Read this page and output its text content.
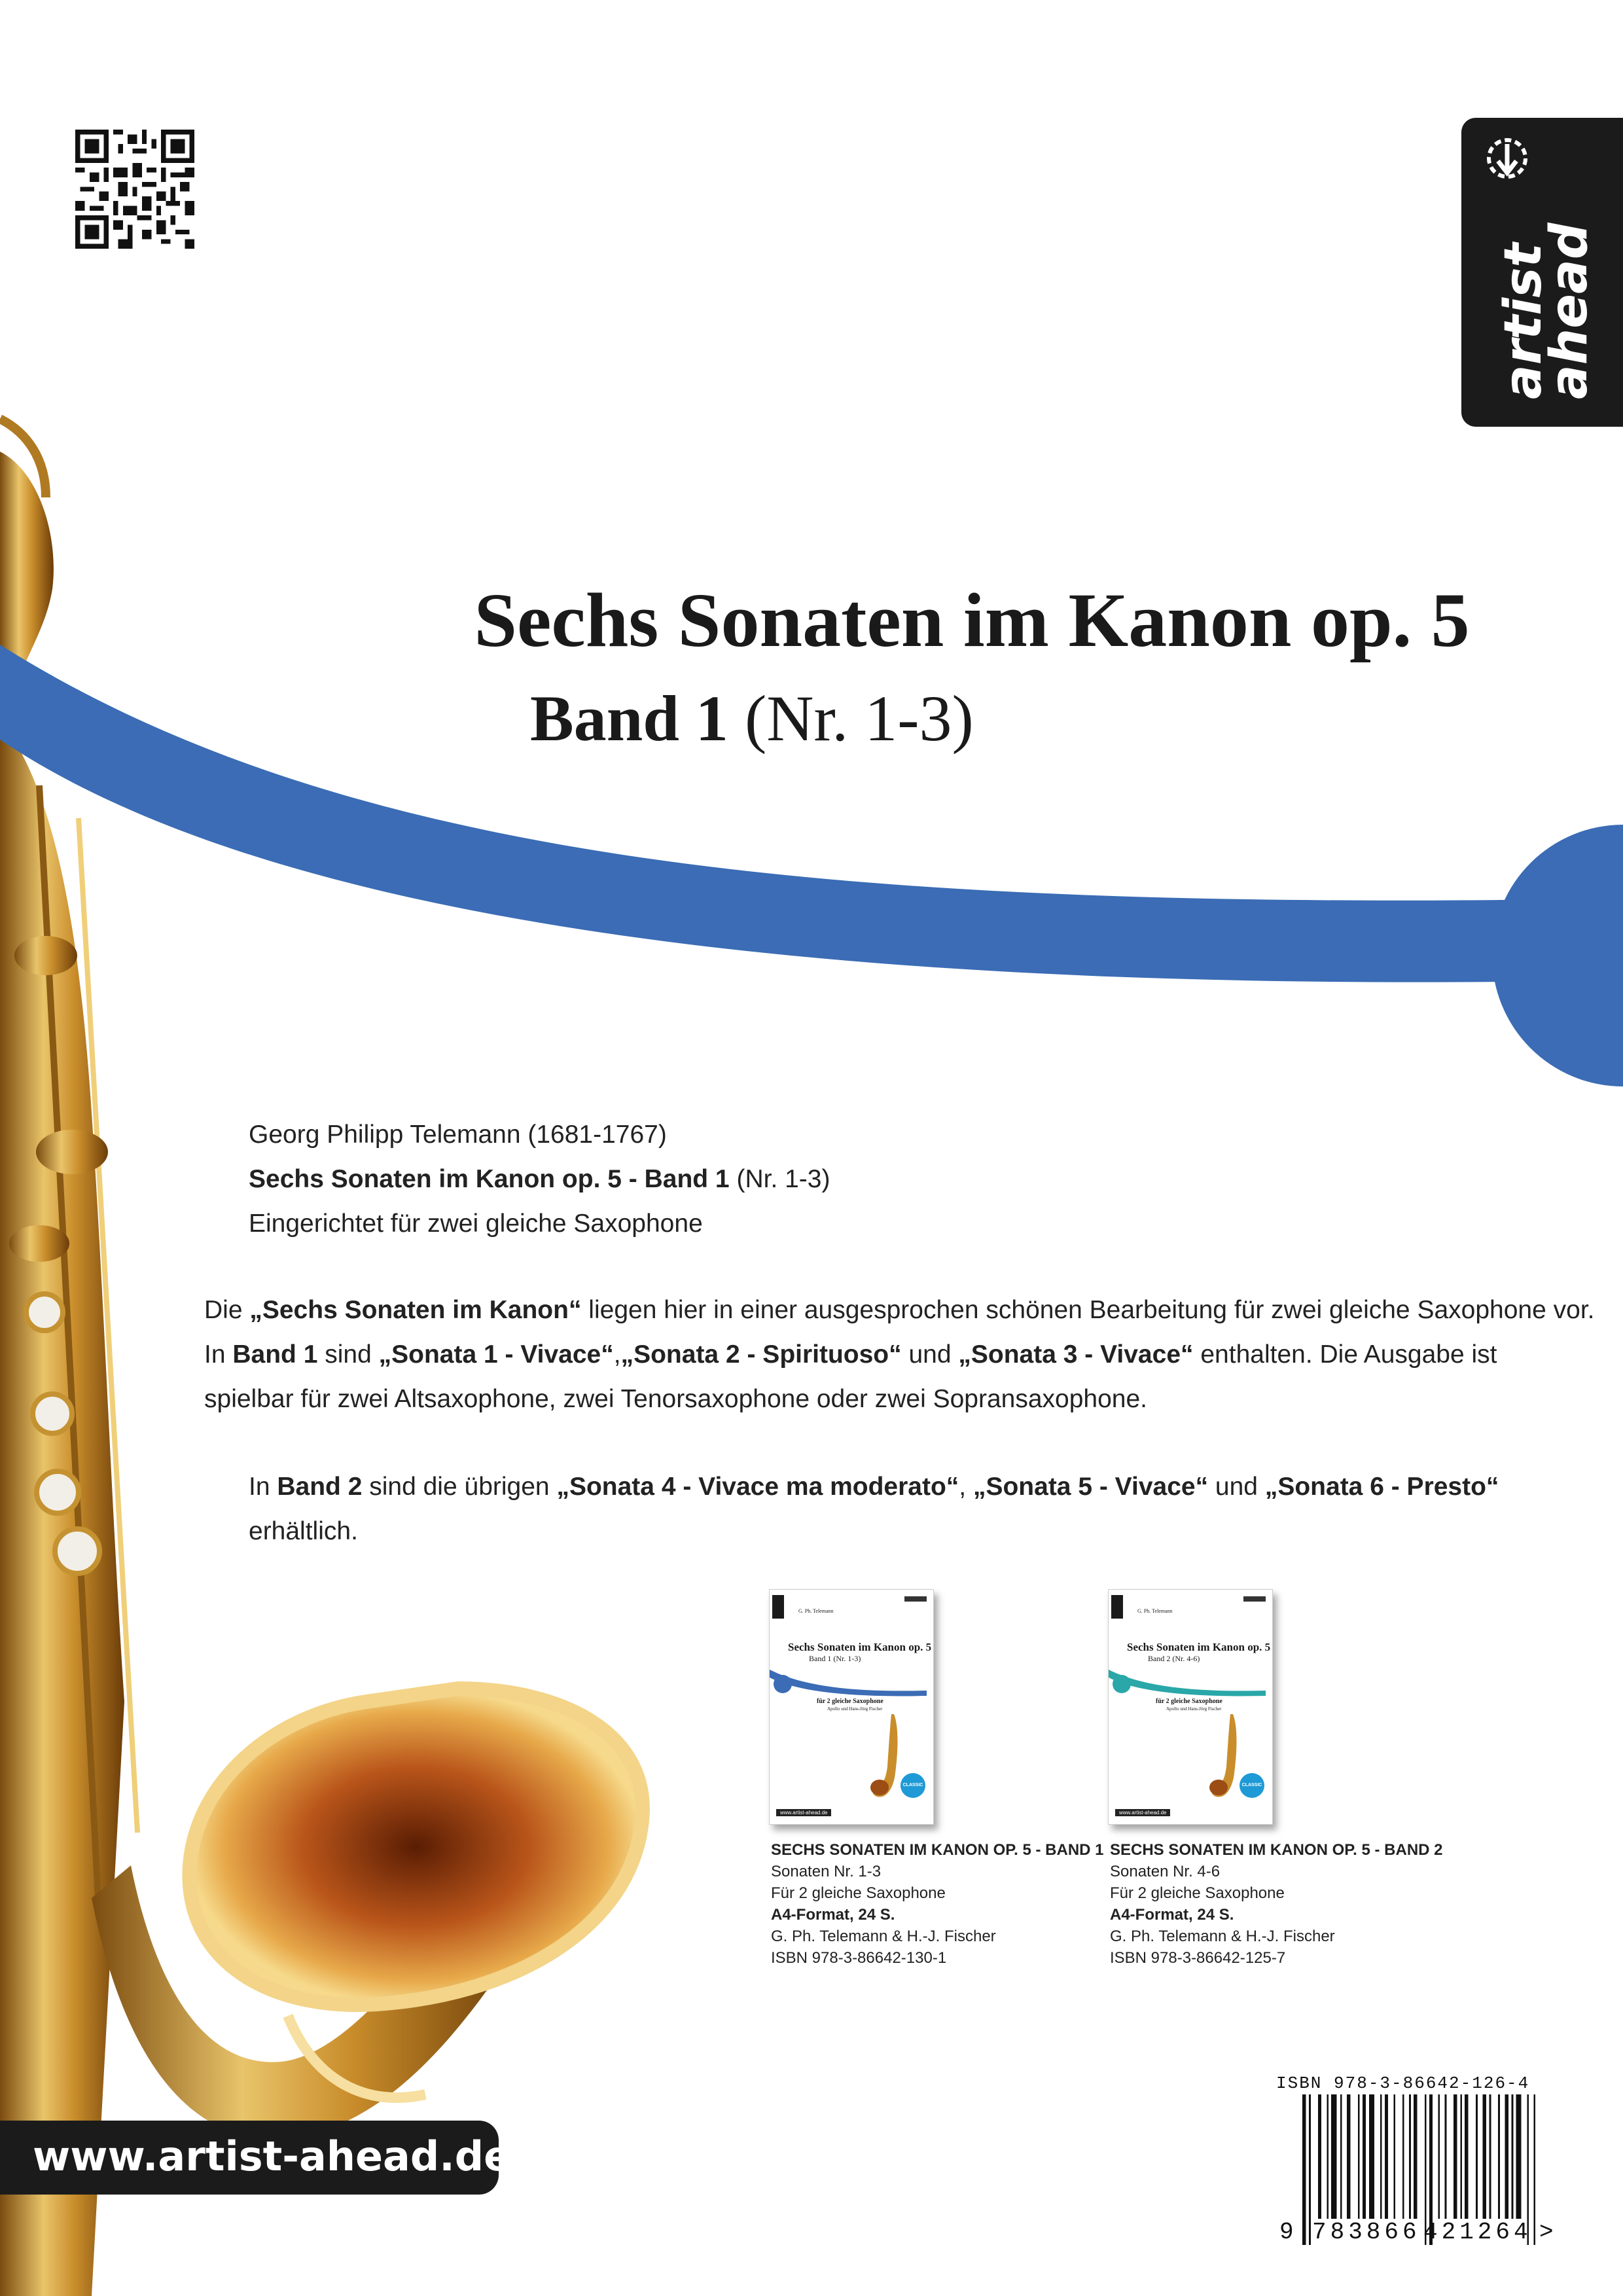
artist
ahead
Sechs Sonaten im Kanon op. 5
Band 1 (Nr. 1-3)
Georg Philipp Telemann (1681-1767)
Sechs Sonaten im Kanon op. 5 - Band 1 (Nr. 1-3)
Eingerichtet für zwei gleiche Saxophone
Die „Sechs Sonaten im Kanon“ liegen hier in einer ausgesprochen schönen Bearbeitung für zwei gleiche Saxophone vor.
In Band 1 sind „Sonata 1 - Vivace“,„Sonata 2 - Spirituoso“ und „Sonata 3 - Vivace“ enthalten. Die Ausgabe ist
spielbar für zwei Altsaxophone, zwei Tenorsaxophone oder zwei Sopransaxophone.
In Band 2 sind die übrigen „Sonata 4 - Vivace ma moderato“, „Sonata 5 - Vivace“ und „Sonata 6 - Presto“
erhältlich.
G. Ph. Telemann
Sechs Sonaten im Kanon op. 5
Band 1 (Nr. 1-3)
für 2 gleiche Saxophone
Apollo und Hans-Jörg Fischer
CLASSIC
www.artist-ahead.de
G. Ph. Telemann
Sechs Sonaten im Kanon op. 5
Band 2 (Nr. 4-6)
für 2 gleiche Saxophone
Apollo und Hans-Jörg Fischer
CLASSIC
www.artist-ahead.de
SECHS SONATEN IM KANON OP. 5 - BAND 1
Sonaten Nr. 1-3
Für 2 gleiche Saxophone
A4-Format, 24 S.
G. Ph. Telemann & H.-J. Fischer
ISBN 978-3-86642-130-1
SECHS SONATEN IM KANON OP. 5 - BAND 2
Sonaten Nr. 4-6
Für 2 gleiche Saxophone
A4-Format, 24 S.
G. Ph. Telemann & H.-J. Fischer
ISBN 978-3-86642-125-7
ISBN 978-3-86642-126-4
9 783866 421264 >
www.artist-ahead.de
